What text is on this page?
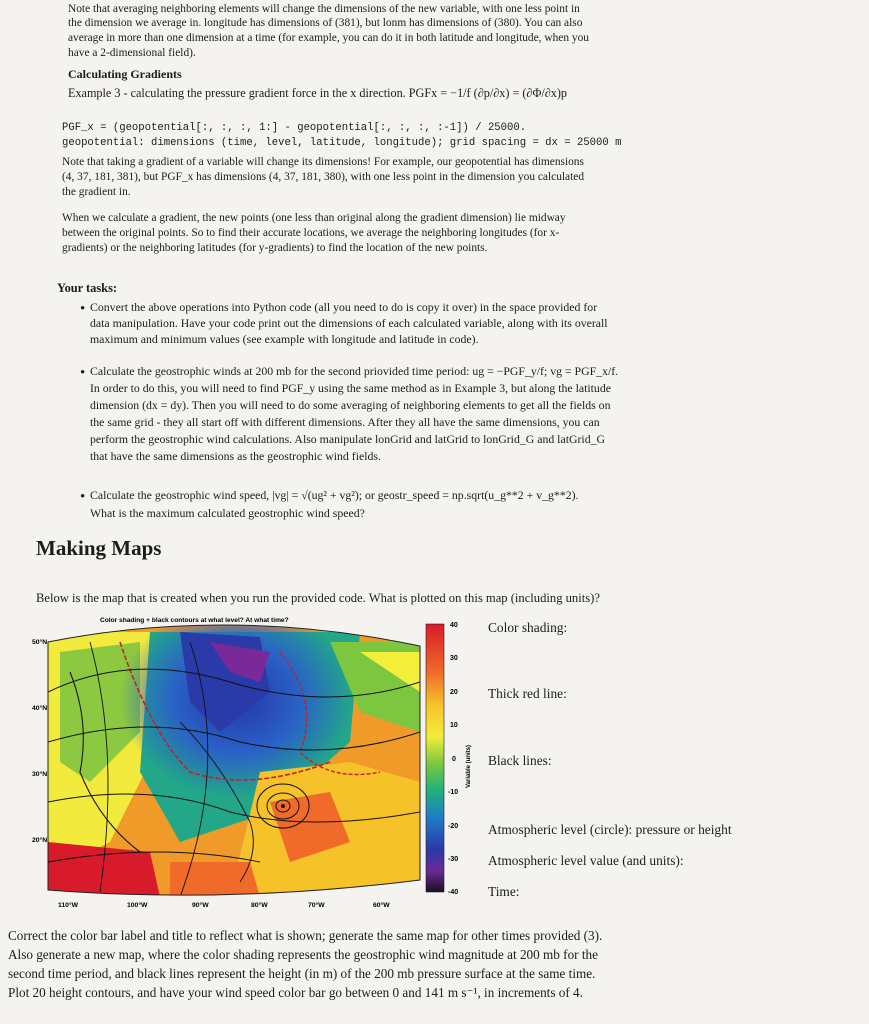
Note that averaging neighboring elements will change the dimensions of the new variable, with one less point in

the dimension we average in. longitude has dimensions of (381), but lonm has dimensions of (380). You can also

average in more than one dimension at a time (for example, you can do it in both latitude and longitude, when you

have a 2-dimensional field).

Calculating Gradients

Example 3 - calculating the pressure gradient force in the x direction. PGFx = −1/f (∂p/∂x) = (∂Φ/∂x)p

PGF_x = (geopotential[:, :, :, 1:] - geopotential[:, :, :, :-1]) / 25000.

geopotential: dimensions (time, level, latitude, longitude); grid spacing = dx = 25000 m

Note that taking a gradient of a variable will change its dimensions! For example, our geopotential has dimensions

(4, 37, 181, 381), but PGF_x has dimensions (4, 37, 181, 380), with one less point in the dimension you calculated

the gradient in.

When we calculate a gradient, the new points (one less than original along the gradient dimension) lie midway

between the original points. So to find their accurate locations, we average the neighboring longitudes (for x-

gradients) or the neighboring latitudes (for y-gradients) to find the location of the new points.

Your tasks:

• Convert the above operations into Python code (all you need to do is copy it over) in the space provided for

data manipulation. Have your code print out the dimensions of each calculated variable, along with its overall

maximum and minimum values (see example with longitude and latitude in code).

• Calculate the geostrophic winds at 200 mb for the second priovided time period: ug = −PGF_y/f; vg = PGF_x/f.

In order to do this, you will need to find PGF_y using the same method as in Example 3, but along the latitude

dimension (dx = dy). Then you will need to do some averaging of neighboring elements to get all the fields on

the same grid - they all start off with different dimensions. After they all have the same dimensions, you can

perform the geostrophic wind calculations. Also manipulate lonGrid and latGrid to lonGrid_G and latGrid_G

that have the same dimensions as the geostrophic wind fields.

• Calculate the geostrophic wind speed, |vg| = √(ug² + vg²); or geostr_speed = np.sqrt(u_g**2 + v_g**2).

What is the maximum calculated geostrophic wind speed?

Making Maps

Below is the map that is created when you run the provided code. What is plotted on this map (including units)?

Color shading + black contours at what level? At what time?
50°N
40°N
30°N
20°N
110°W	100°W	90°W	80°W	70°W	60°W
40
30
20
10
0
-10
-20
-30
-40
Variable (units)
Color shading:
Thick red line:
Black lines:
Atmospheric level (circle): pressure or height
Atmospheric level value (and units):
Time:

Correct the color bar label and title to reflect what is shown; generate the same map for other times provided (3).

Also generate a new map, where the color shading represents the geostrophic wind magnitude at 200 mb for the

second time period, and black lines represent the height (in m) of the 200 mb pressure surface at the same time.

Plot 20 height contours, and have your wind speed color bar go between 0 and 141 m s⁻¹, in increments of 4.
